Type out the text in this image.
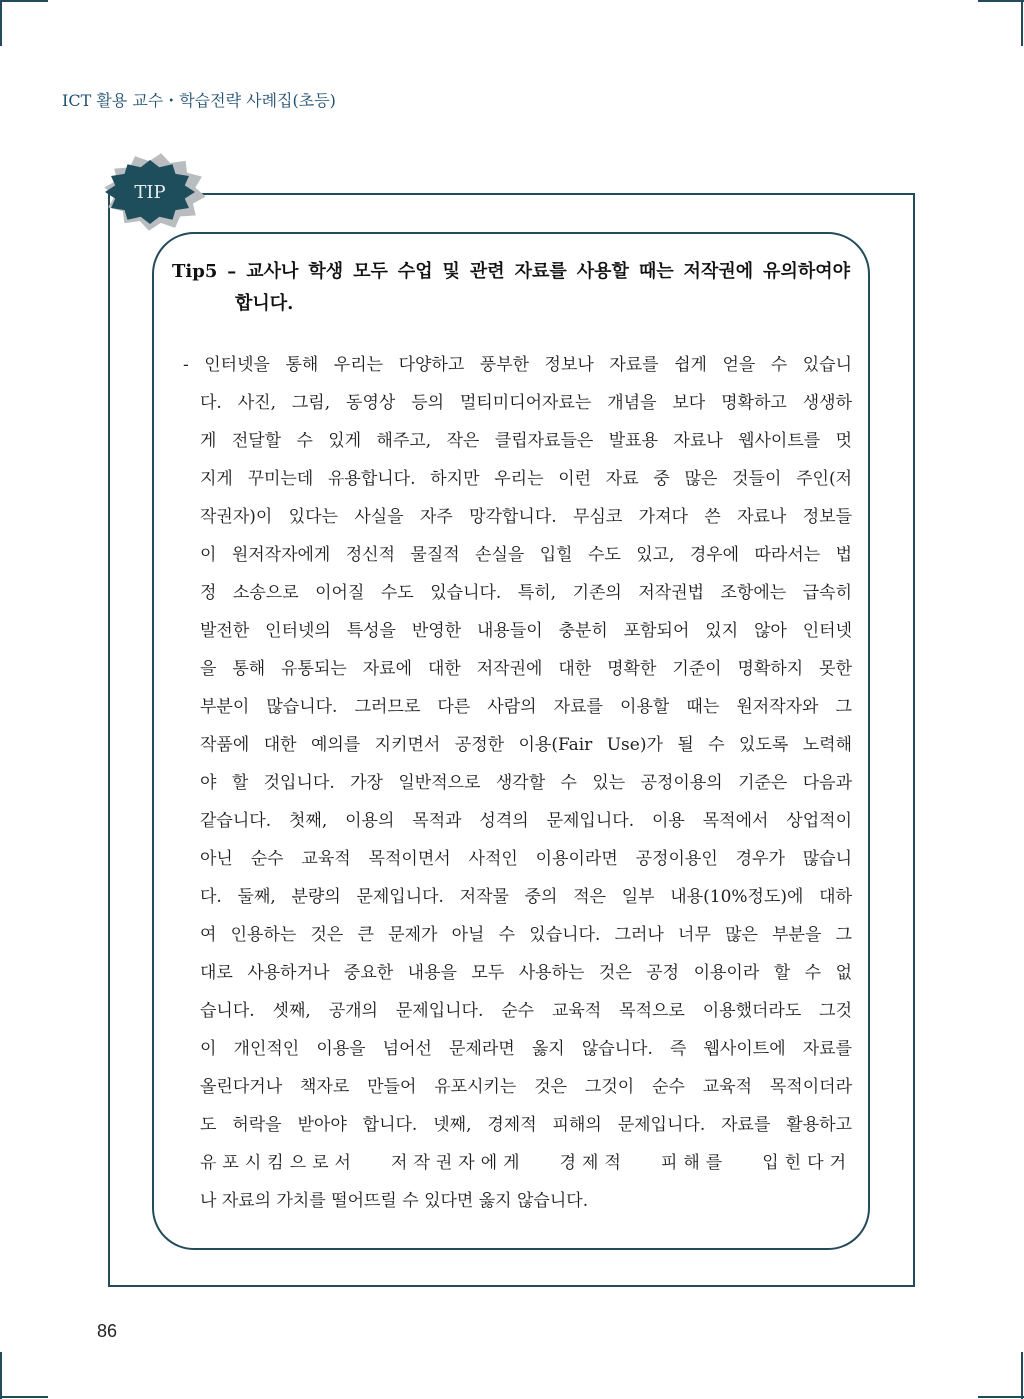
ICT 활용 교수・학습전략 사례집(초등)
TIP
Tip5 – 교사나 학생 모두 수업 및 관련 자료를 사용할 때는 저작권에 유의하여야
합니다.
- 인터넷을 통해 우리는 다양하고 풍부한 정보나 자료를 쉽게 얻을 수 있습니
다. 사진, 그림, 동영상 등의 멀티미디어자료는 개념을 보다 명확하고 생생하
게 전달할 수 있게 해주고, 작은 클립자료들은 발표용 자료나 웹사이트를 멋
지게 꾸미는데 유용합니다. 하지만 우리는 이런 자료 중 많은 것들이 주인(저
작권자)이 있다는 사실을 자주 망각합니다. 무심코 가져다 쓴 자료나 정보들
이 원저작자에게 정신적 물질적 손실을 입힐 수도 있고, 경우에 따라서는 법
정 소송으로 이어질 수도 있습니다. 특히, 기존의 저작권법 조항에는 급속히
발전한 인터넷의 특성을 반영한 내용들이 충분히 포함되어 있지 않아 인터넷
을 통해 유통되는 자료에 대한 저작권에 대한 명확한 기준이 명확하지 못한
부분이 많습니다. 그러므로 다른 사람의 자료를 이용할 때는 원저작자와 그
작품에 대한 예의를 지키면서 공정한 이용(Fair Use)가 될 수 있도록 노력해
야 할 것입니다. 가장 일반적으로 생각할 수 있는 공정이용의 기준은 다음과
같습니다. 첫째, 이용의 목적과 성격의 문제입니다. 이용 목적에서 상업적이
아닌 순수 교육적 목적이면서 사적인 이용이라면 공정이용인 경우가 많습니
다. 둘째, 분량의 문제입니다. 저작물 중의 적은 일부 내용(10%정도)에 대하
여 인용하는 것은 큰 문제가 아닐 수 있습니다. 그러나 너무 많은 부분을 그
대로 사용하거나 중요한 내용을 모두 사용하는 것은 공정 이용이라 할 수 없
습니다. 셋째, 공개의 문제입니다. 순수 교육적 목적으로 이용했더라도 그것
이 개인적인 이용을 넘어선 문제라면 옳지 않습니다. 즉 웹사이트에 자료를
올린다거나 책자로 만들어 유포시키는 것은 그것이 순수 교육적 목적이더라
도 허락을 받아야 합니다. 넷째, 경제적 피해의 문제입니다. 자료를 활용하고
유포시킴으로서 저작권자에게 경제적 피해를 입힌다거
나 자료의 가치를 떨어뜨릴 수 있다면 옳지 않습니다.
86
